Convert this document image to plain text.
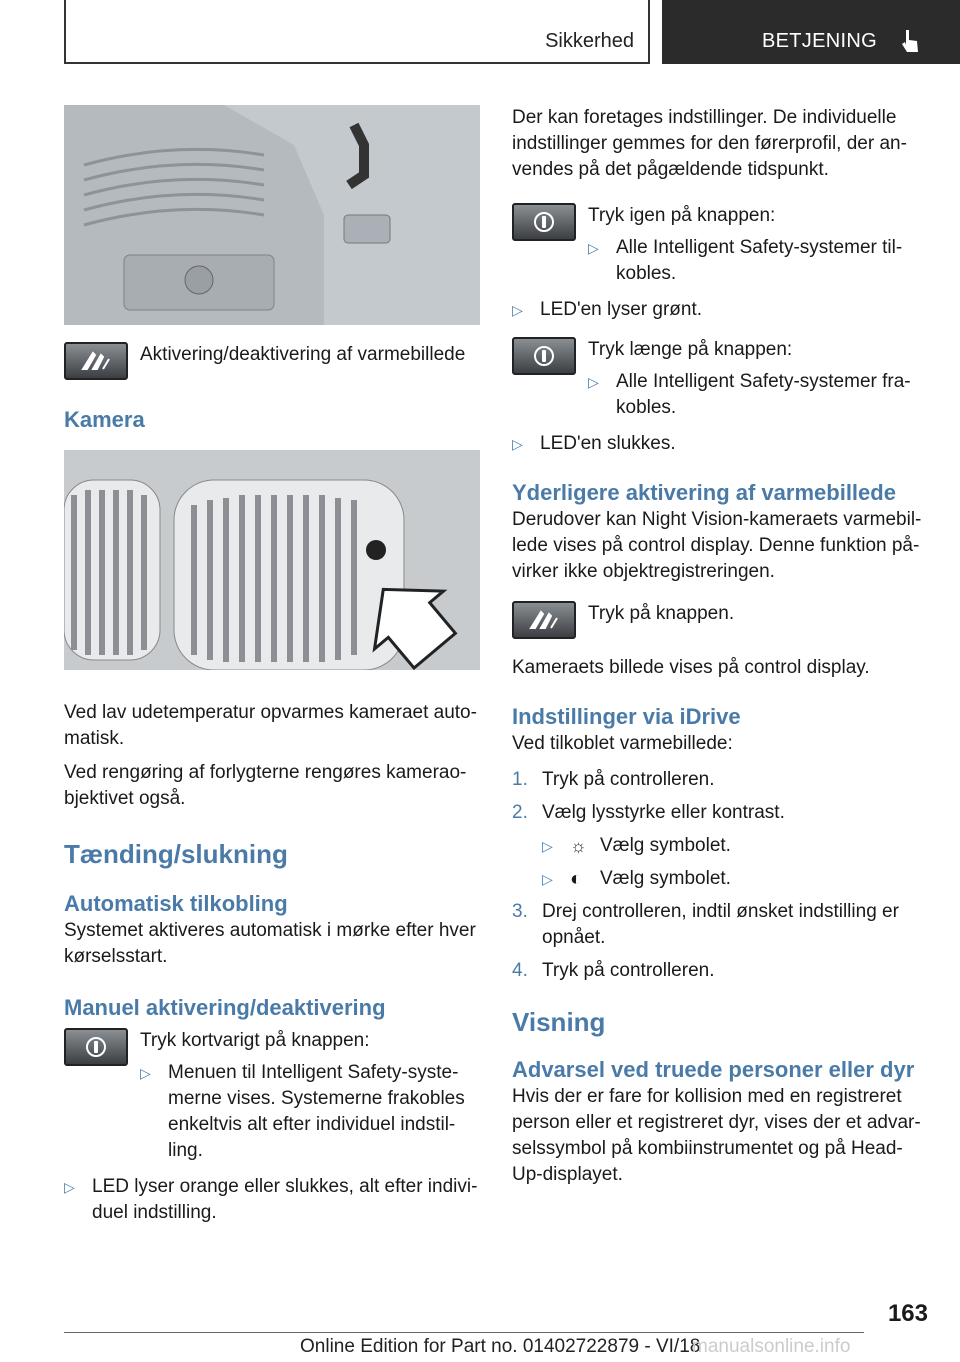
Sikkerhed	BETJENING

Aktivering/deaktivering af varmebillede

Kamera

Ved lav udetemperatur opvarmes kameraet auto-matisk.

Ved rengøring af forlygterne rengøres kamerao-bjektivet også.

Tænding/slukning

Automatisk tilkobling

Systemet aktiveres automatisk i mørke efter hver kørselsstart.

Manuel aktivering/deaktivering

Tryk kortvarigt på knappen:

▷ Menuen til Intelligent Safety-syste-merne vises. Systemerne frakobles enkeltvis alt efter individuel indstil-ling.

▷ LED lyser orange eller slukkes, alt efter indivi-duel indstilling.

Der kan foretages indstillinger. De individuelle indstillinger gemmes for den førerprofil, der an-vendes på det pågældende tidspunkt.

Tryk igen på knappen:

▷ Alle Intelligent Safety-systemer til-kobles.

▷ LED'en lyser grønt.

Tryk længe på knappen:

▷ Alle Intelligent Safety-systemer fra-kobles.

▷ LED'en slukkes.

Yderligere aktivering af varmebillede

Derudover kan Night Vision-kameraets varmebil-lede vises på control display. Denne funktion på-virker ikke objektregistreringen.

Tryk på knappen.

Kameraets billede vises på control display.

Indstillinger via iDrive

Ved tilkoblet varmebillede:

1. Tryk på controlleren.

2. Vælg lysstyrke eller kontrast.

▷ ☼ Vælg symbolet.

▷ ◐ Vælg symbolet.

3. Drej controlleren, indtil ønsket indstilling er opnået.

4. Tryk på controlleren.

Visning

Advarsel ved truede personer eller dyr

Hvis der er fare for kollision med en registreret person eller et registreret dyr, vises der et advar-selssymbol på kombiinstrumentet og på Head-Up-displayet.

163
Online Edition for Part no. 01402722879 - VI/18
manualsonline.info
